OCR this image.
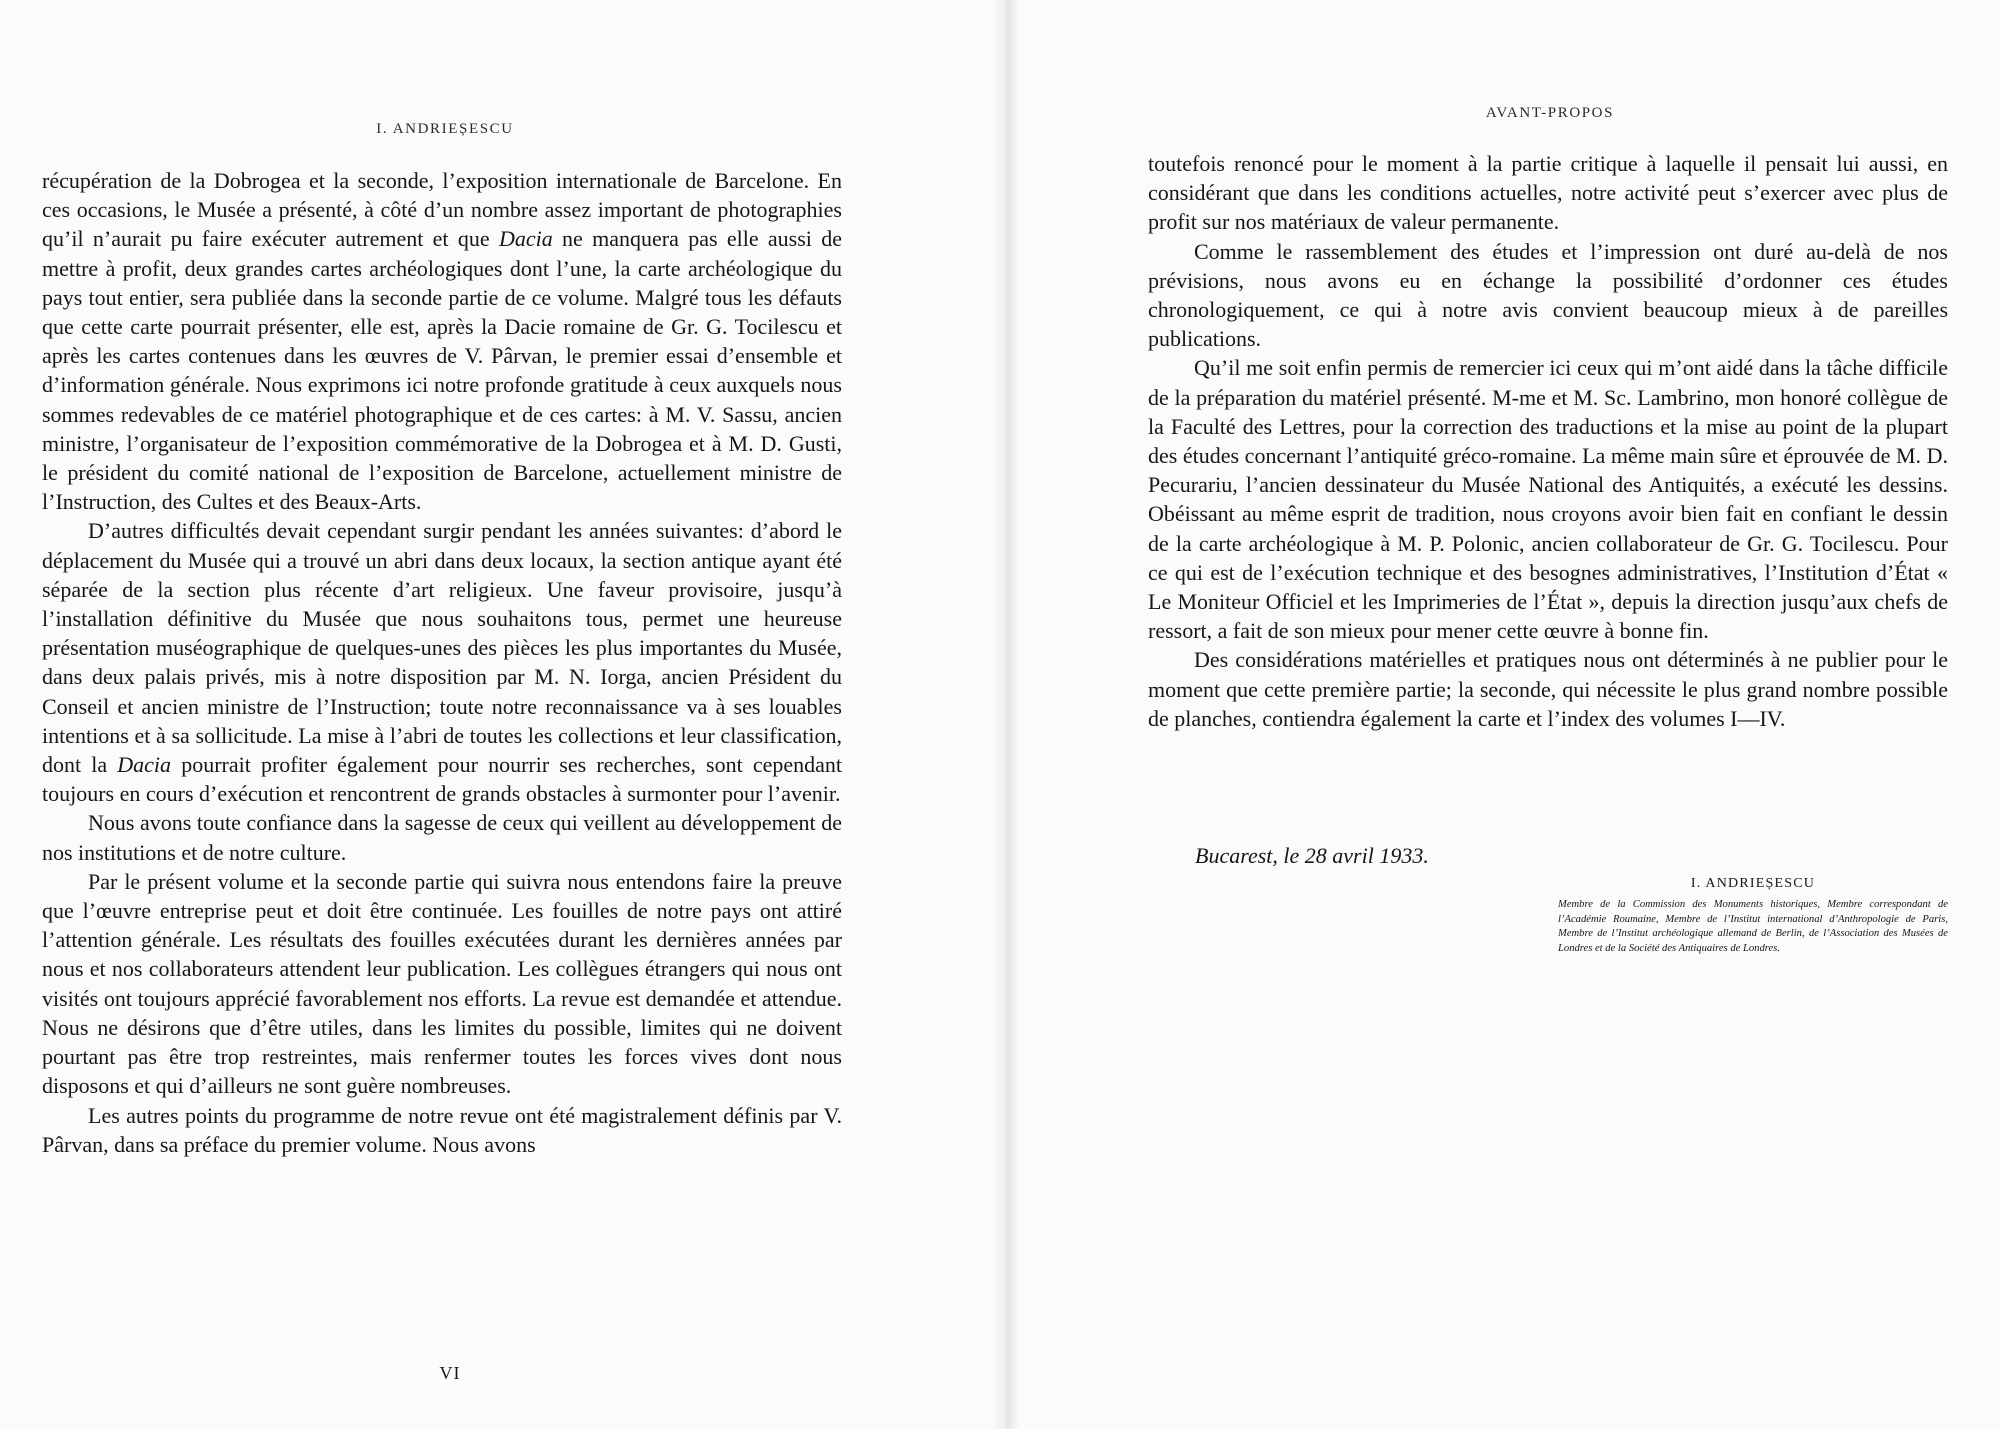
I. ANDRIEȘESCU

récupération de la Dobrogea et la seconde, l’exposition internationale de Barcelone. En ces occasions, le Musée a présenté, à côté d’un nombre assez important de photographies qu’il n’aurait pu faire exécuter autrement et que Dacia ne manquera pas elle aussi de mettre à profit, deux grandes cartes archéologiques dont l’une, la carte archéologique du pays tout entier, sera publiée dans la seconde partie de ce volume. Malgré tous les défauts que cette carte pourrait présenter, elle est, après la Dacie romaine de Gr. G. Tocilescu et après les cartes contenues dans les œuvres de V. Pârvan, le premier essai d’ensemble et d’information générale. Nous exprimons ici notre profonde gratitude à ceux auxquels nous sommes redevables de ce matériel photographique et de ces cartes: à M. V. Sassu, ancien ministre, l’organisateur de l’exposition commémorative de la Dobrogea et à M. D. Gusti, le président du comité national de l’exposition de Barcelone, actuellement ministre de l’Instruction, des Cultes et des Beaux-Arts.

D’autres difficultés devait cependant surgir pendant les années suivantes: d’abord le déplacement du Musée qui a trouvé un abri dans deux locaux, la section antique ayant été séparée de la section plus récente d’art religieux. Une faveur provisoire, jusqu’à l’installation définitive du Musée que nous souhaitons tous, permet une heureuse présentation muséographique de quelques-unes des pièces les plus importantes du Musée, dans deux palais privés, mis à notre disposition par M. N. Iorga, ancien Président du Conseil et ancien ministre de l’Instruction; toute notre reconnaissance va à ses louables intentions et à sa sollicitude. La mise à l’abri de toutes les collections et leur classification, dont la Dacia pourrait profiter également pour nourrir ses recherches, sont cependant toujours en cours d’exécution et rencontrent de grands obstacles à surmonter pour l’avenir.

Nous avons toute confiance dans la sagesse de ceux qui veillent au développement de nos institutions et de notre culture.

Par le présent volume et la seconde partie qui suivra nous entendons faire la preuve que l’œuvre entreprise peut et doit être continuée. Les fouilles de notre pays ont attiré l’attention générale. Les résultats des fouilles exécutées durant les dernières années par nous et nos collaborateurs attendent leur publication. Les collègues étrangers qui nous ont visités ont toujours apprécié favorablement nos efforts. La revue est demandée et attendue. Nous ne désirons que d’être utiles, dans les limites du possible, limites qui ne doivent pourtant pas être trop restreintes, mais renfermer toutes les forces vives dont nous disposons et qui d’ailleurs ne sont guère nombreuses.

Les autres points du programme de notre revue ont été magistralement définis par V. Pârvan, dans sa préface du premier volume. Nous avons

VI
AVANT-PROPOS

toutefois renoncé pour le moment à la partie critique à laquelle il pensait lui aussi, en considérant que dans les conditions actuelles, notre activité peut s’exercer avec plus de profit sur nos matériaux de valeur permanente.

Comme le rassemblement des études et l’impression ont duré au-delà de nos prévisions, nous avons eu en échange la possibilité d’ordonner ces études chronologiquement, ce qui à notre avis convient beaucoup mieux à de pareilles publications.

Qu’il me soit enfin permis de remercier ici ceux qui m’ont aidé dans la tâche difficile de la préparation du matériel présenté. M-me et M. Sc. Lambrino, mon honoré collègue de la Faculté des Lettres, pour la correction des traductions et la mise au point de la plupart des études concernant l’antiquité gréco-romaine. La même main sûre et éprouvée de M. D. Pecurariu, l’ancien dessinateur du Musée National des Antiquités, a exécuté les dessins. Obéissant au même esprit de tradition, nous croyons avoir bien fait en confiant le dessin de la carte archéologique à M. P. Polonic, ancien collaborateur de Gr. G. Tocilescu. Pour ce qui est de l’exécution technique et des besognes administratives, l’Institution d’État « Le Moniteur Officiel et les Imprimeries de l’État », depuis la direction jusqu’aux chefs de ressort, a fait de son mieux pour mener cette œuvre à bonne fin.

Des considérations matérielles et pratiques nous ont déterminés à ne publier pour le moment que cette première partie; la seconde, qui nécessite le plus grand nombre possible de planches, contiendra également la carte et l’index des volumes I—IV.

Bucarest, le 28 avril 1933.

I. ANDRIEȘESCU

Membre de la Commission des Monuments historiques, Membre correspondant de l’Académie Roumaine, Membre de l’Institut international d’Anthropologie de Paris, Membre de l’Institut archéologique allemand de Berlin, de l’Association des Musées de Londres et de la Société des Antiquaires de Londres.
